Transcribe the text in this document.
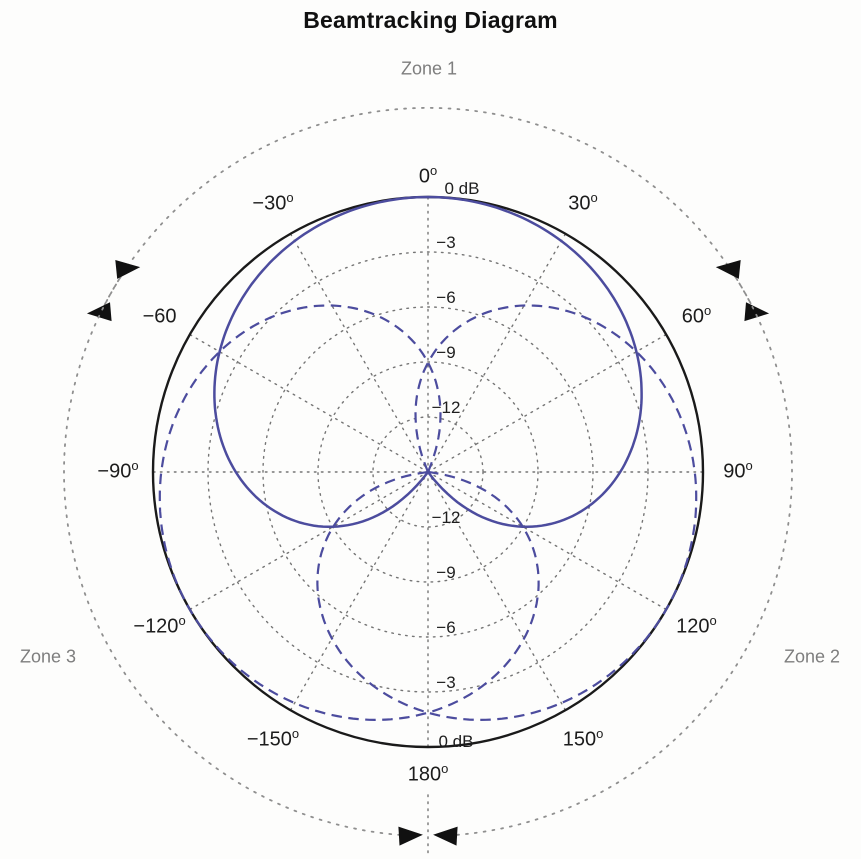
Beamtracking Diagram
Zone 1
Zone 2
Zone 3
0$^o$
30$^o$
60$^o$
90$^o$
120$^o$
150$^o$
$180^o$
$-150^o$
$-120^o$
$-90^o$
−60
$-30^o$
−3
−3
−6
−6
−9
−9
−12
−12
0 dB
0 dB
